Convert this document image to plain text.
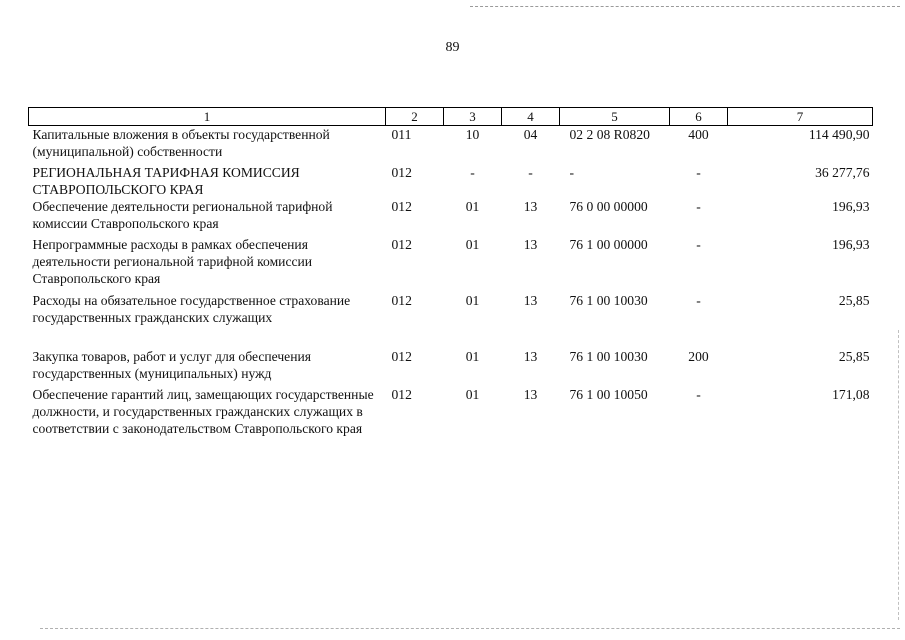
89
1	2	3	4	5	6	7
Капитальные вложения в объекты государственной (муниципальной) собственности	011	10	04	02 2 08 R0820	400	114 490,90
РЕГИОНАЛЬНАЯ ТАРИФНАЯ КОМИССИЯ СТАВРОПОЛЬСКОГО КРАЯ	012	-	-	-	-	36 277,76
Обеспечение деятельности региональной тарифной комиссии Ставропольского края	012	01	13	76 0 00 00000	-	196,93
Непрограммные расходы в рамках обеспечения деятельности региональной тарифной комиссии Ставропольского края	012	01	13	76 1 00 00000	-	196,93
Расходы на обязательное государственное страхование государственных гражданских служащих	012	01	13	76 1 00 10030	-	25,85
Закупка товаров, работ и услуг для обеспечения государственных (муниципальных) нужд	012	01	13	76 1 00 10030	200	25,85
Обеспечение гарантий лиц, замещающих государственные должности, и государственных гражданских служащих в соответствии с законодательством Ставропольского края	012	01	13	76 1 00 10050	-	171,08
